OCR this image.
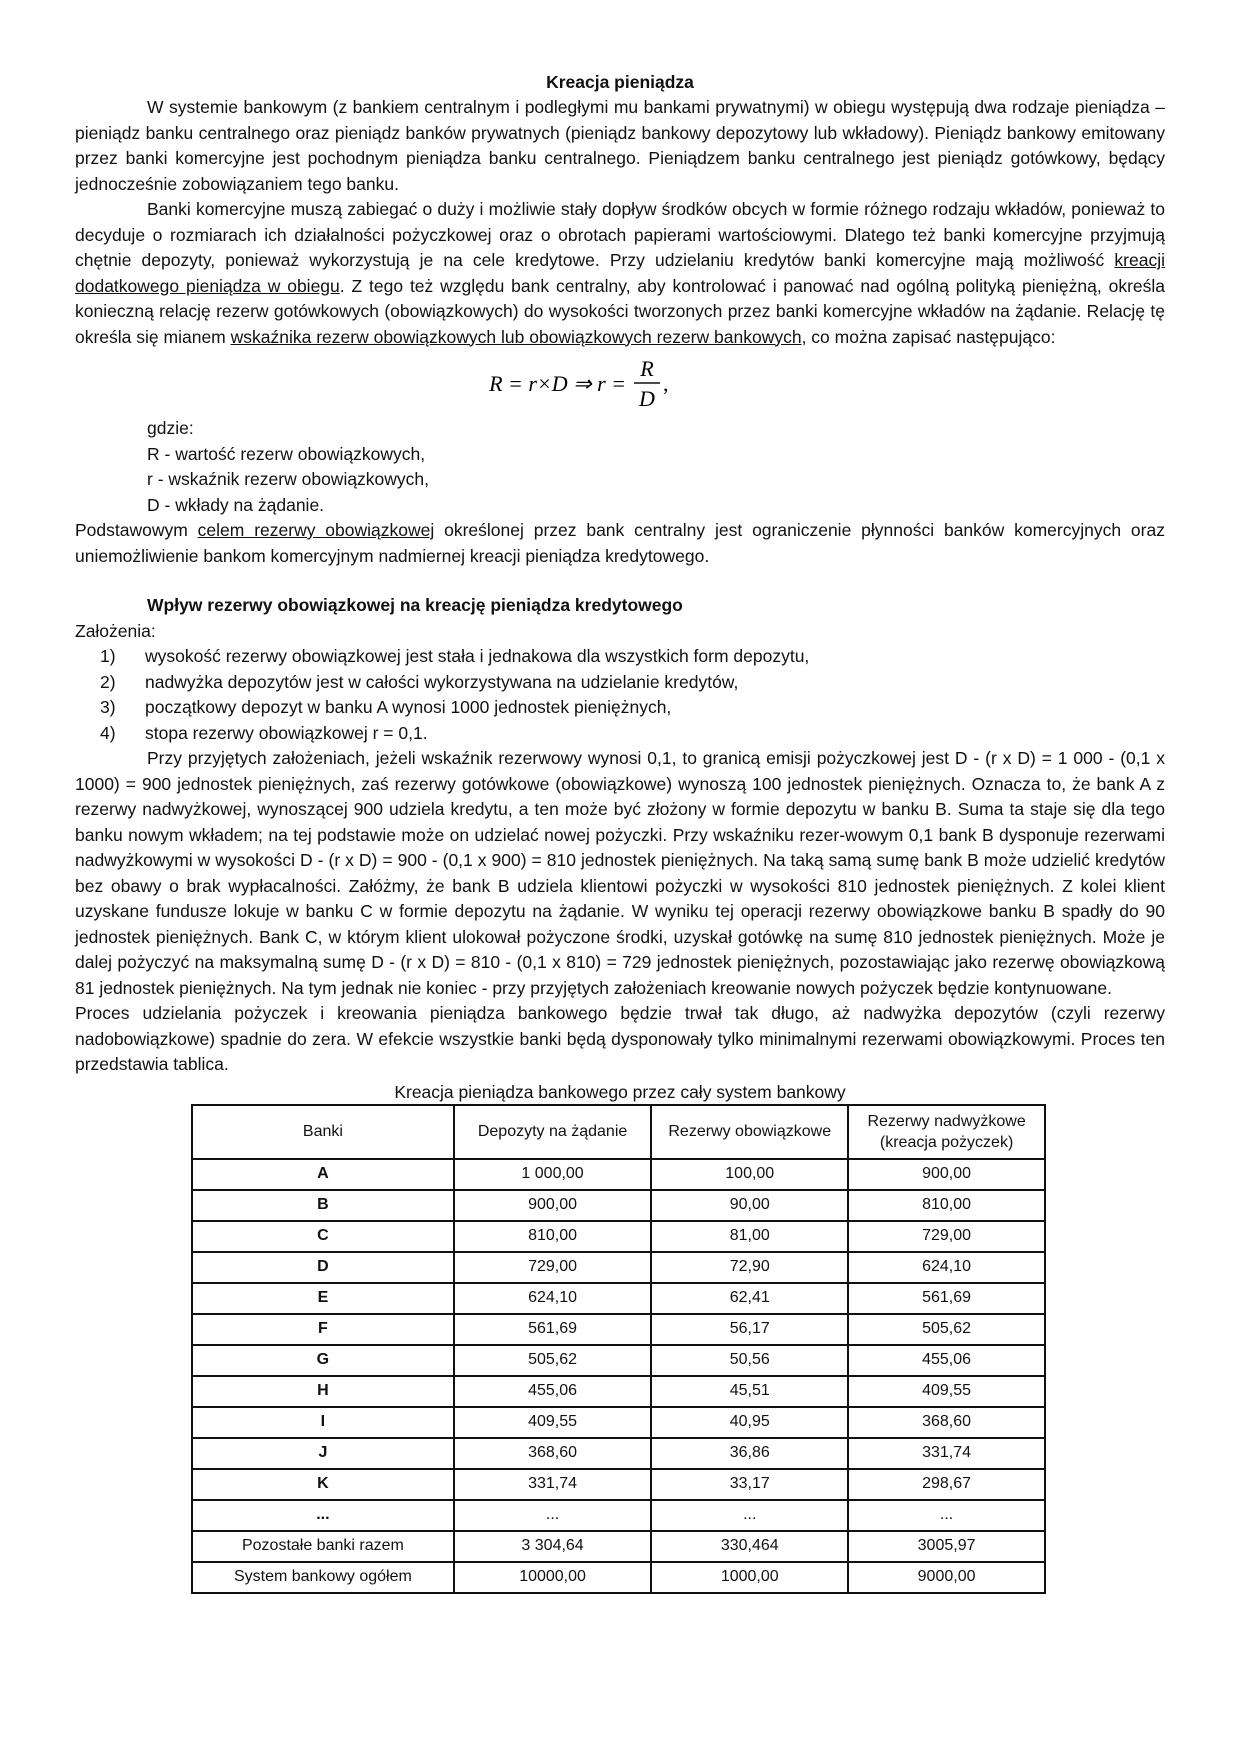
Kreacja pieniądza

W systemie bankowym (z bankiem centralnym i podległymi mu bankami prywatnymi) w obiegu występują dwa rodzaje pieniądza – pieniądz banku centralnego oraz pieniądz banków prywatnych (pieniądz bankowy depozytowy lub wkładowy). Pieniądz bankowy emitowany przez banki komercyjne jest pochodnym pieniądza banku centralnego. Pieniądzem banku centralnego jest pieniądz gotówkowy, będący jednocześnie zobowiązaniem tego banku.

Banki komercyjne muszą zabiegać o duży i możliwie stały dopływ środków obcych w formie różnego rodzaju wkładów, ponieważ to decyduje o rozmiarach ich działalności pożyczkowej oraz o obrotach papierami wartościowymi. Dlatego też banki komercyjne przyjmują chętnie depozyty, ponieważ wykorzystują je na cele kredytowe. Przy udzielaniu kredytów banki komercyjne mają możliwość kreacji dodatkowego pieniądza w obiegu. Z tego też względu bank centralny, aby kontrolować i panować nad ogólną polityką pieniężną, określa konieczną relację rezerw gotówkowych (obowiązkowych) do wysokości tworzonych przez banki komercyjne wkładów na żądanie. Relację tę określa się mianem wskaźnika rezerw obowiązkowych lub obowiązkowych rezerw bankowych, co można zapisać następująco:

R = r×D ⇒ r =
R
D
,
gdzie:
R - wartość rezerw obowiązkowych,
r - wskaźnik rezerw obowiązkowych,
D - wkłady na żądanie.

Podstawowym celem rezerwy obowiązkowej określonej przez bank centralny jest ograniczenie płynności banków komercyjnych oraz uniemożliwienie bankom komercyjnym nadmiernej kreacji pieniądza kredytowego.

Wpływ rezerwy obowiązkowej na kreację pieniądza kredytowego
Założenia:
1) wysokość rezerwy obowiązkowej jest stała i jednakowa dla wszystkich form depozytu,
2) nadwyżka depozytów jest w całości wykorzystywana na udzielanie kredytów,
3) początkowy depozyt w banku A wynosi 1000 jednostek pieniężnych,
4) stopa rezerwy obowiązkowej r = 0,1.

Przy przyjętych założeniach, jeżeli wskaźnik rezerwowy wynosi 0,1, to granicą emisji pożyczkowej jest D - (r x D) = 1 000 - (0,1 x 1000) = 900 jednostek pieniężnych, zaś rezerwy gotówkowe (obowiązkowe) wynoszą 100 jednostek pieniężnych. Oznacza to, że bank A z rezerwy nadwyżkowej, wynoszącej 900 udziela kredytu, a ten może być złożony w formie depozytu w banku B. Suma ta staje się dla tego banku nowym wkładem; na tej podstawie może on udzielać nowej pożyczki. Przy wskaźniku rezer-wowym 0,1 bank B dysponuje rezerwami nadwyżkowymi w wysokości D - (r x D) = 900 - (0,1 x 900) = 810 jednostek pieniężnych. Na taką samą sumę bank B może udzielić kredytów bez obawy o brak wypłacalności. Załóżmy, że bank B udziela klientowi pożyczki w wysokości 810 jednostek pieniężnych. Z kolei klient uzyskane fundusze lokuje w banku C w formie depozytu na żądanie. W wyniku tej operacji rezerwy obowiązkowe banku B spadły do 90 jednostek pieniężnych. Bank C, w którym klient ulokował pożyczone środki, uzyskał gotówkę na sumę 810 jednostek pieniężnych. Może je dalej pożyczyć na maksymalną sumę D - (r x D) = 810 - (0,1 x 810) = 729 jednostek pieniężnych, pozostawiając jako rezerwę obowiązkową 81 jednostek pieniężnych. Na tym jednak nie koniec - przy przyjętych założeniach kreowanie nowych pożyczek będzie kontynuowane.

Proces udzielania pożyczek i kreowania pieniądza bankowego będzie trwał tak długo, aż nadwyżka depozytów (czyli rezerwy nadobowiązkowe) spadnie do zera. W efekcie wszystkie banki będą dysponowały tylko minimalnymi rezerwami obowiązkowymi. Proces ten przedstawia tablica.

Kreacja pieniądza bankowego przez cały system bankowy
Banki	Depozyty na żądanie	Rezerwy obowiązkowe	Rezerwy nadwyżkowe (kreacja pożyczek)
A	1 000,00	100,00	900,00
B	900,00	90,00	810,00
C	810,00	81,00	729,00
D	729,00	72,90	624,10
E	624,10	62,41	561,69
F	561,69	56,17	505,62
G	505,62	50,56	455,06
H	455,06	45,51	409,55
I	409,55	40,95	368,60
J	368,60	36,86	331,74
K	331,74	33,17	298,67
...	...	...	...
Pozostałe banki razem	3 304,64	330,464	3005,97
System bankowy ogółem	10000,00	1000,00	9000,00
